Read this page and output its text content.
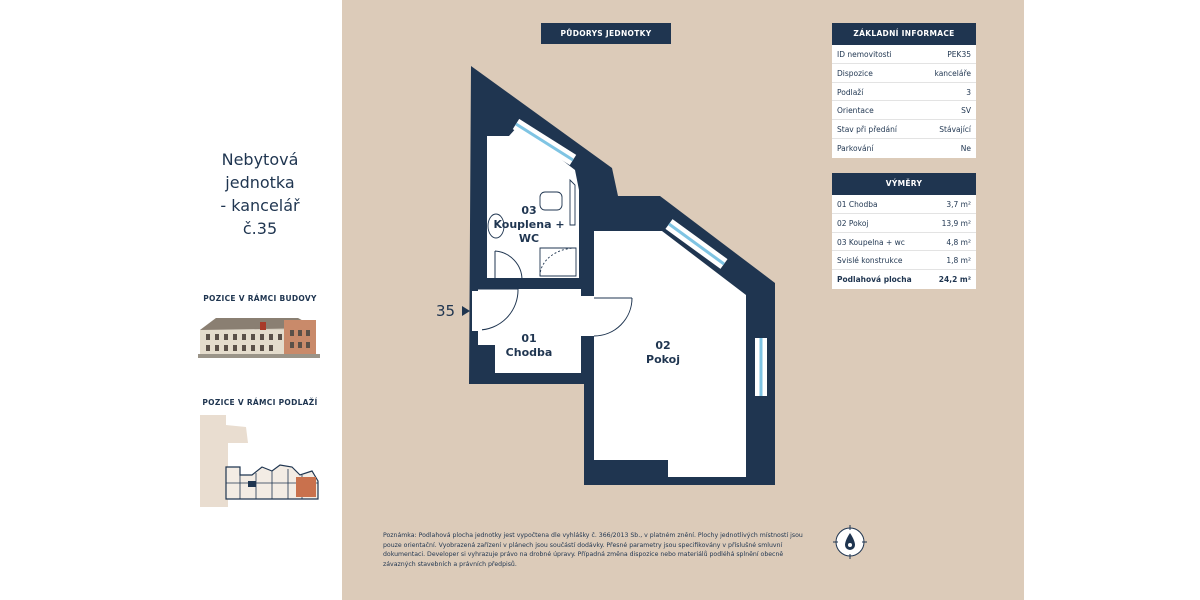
Nebytová
jednotka
- kancelář
č.35
POZICE V RÁMCI BUDOVY
POZICE V RÁMCI PODLAŽÍ
PŮDORYS JEDNOTKY
35
03
Kouplena + WC
01
Chodba
02
Pokoj
ZÁKLADNÍ INFORMACE
ID nemovitosti	PEK35
Dispozice	kanceláře
Podlaží	3
Orientace	SV
Stav při předání	Stávající
Parkování	Ne
VÝMĚRY
01 Chodba	3,7 m²
02 Pokoj	13,9 m²
03 Koupelna + wc	4,8 m²
Svislé konstrukce	1,8 m²
Podlahová plocha	24,2 m²
Poznámka: Podlahová plocha jednotky jest vypočtena dle vyhlášky č. 366/2013 Sb., v platném znění. Plochy jednotlivých místností jsou
pouze orientační. Vyobrazená zařízení v plánech jsou součástí dodávky. Přesné parametry jsou specifikovány v příslušné smluvní
dokumentaci. Developer si vyhrazuje právo na drobné úpravy. Případná změna dispozice nebo materiálů podléhá splnění obecně
závazných stavebních a právních předpisů.
